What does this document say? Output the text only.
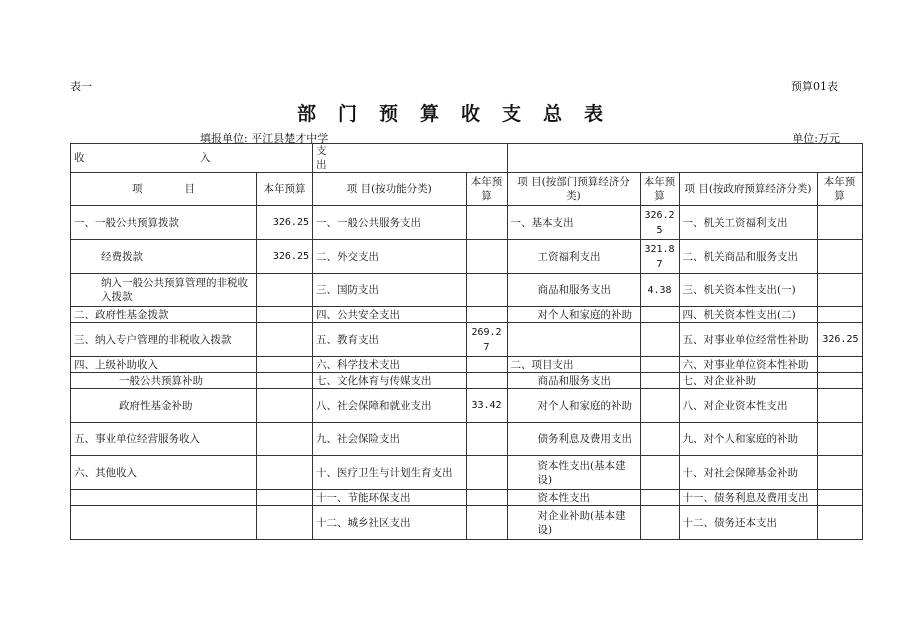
表一	预算01表
部门预算收支总表
填报单位: 平江县楚才中学	单位:万元
收　　　　　　　　　　　入		支　　　　　　　　　　　　　出					
项　　　　目	本年预算	项 目(按功能分类)	本年预算	项 目(按部门预算经济分类)	本年预算	项 目(按政府预算经济分类)	本年预算
一、一般公共预算拨款	326.25	一、一般公共服务支出		一、基本支出	326.25	一、机关工资福利支出	
经费拨款	326.25	二、外交支出		工资福利支出	321.87	二、机关商品和服务支出	
纳入一般公共预算管理的非税收入拨款		三、国防支出		商品和服务支出	4.38	三、机关资本性支出(一)	
二、政府性基金拨款		四、公共安全支出		对个人和家庭的补助		四、机关资本性支出(二)	
三、纳入专户管理的非税收入拨款		五、教育支出	269.27			五、对事业单位经常性补助	326.25
四、上级补助收入		六、科学技术支出		二、项目支出		六、对事业单位资本性补助	
一般公共预算补助		七、文化体育与传媒支出		商品和服务支出		七、对企业补助	
政府性基金补助		八、社会保障和就业支出	33.42	对个人和家庭的补助		八、对企业资本性支出	
五、事业单位经营服务收入		九、社会保险支出		债务利息及费用支出		九、对个人和家庭的补助	
六、其他收入		十、医疗卫生与计划生育支出		资本性支出(基本建设)		十、对社会保障基金补助	
		十一、节能环保支出		资本性支出		十一、债务利息及费用支出	
		十二、城乡社区支出		对企业补助(基本建设)		十二、债务还本支出	
